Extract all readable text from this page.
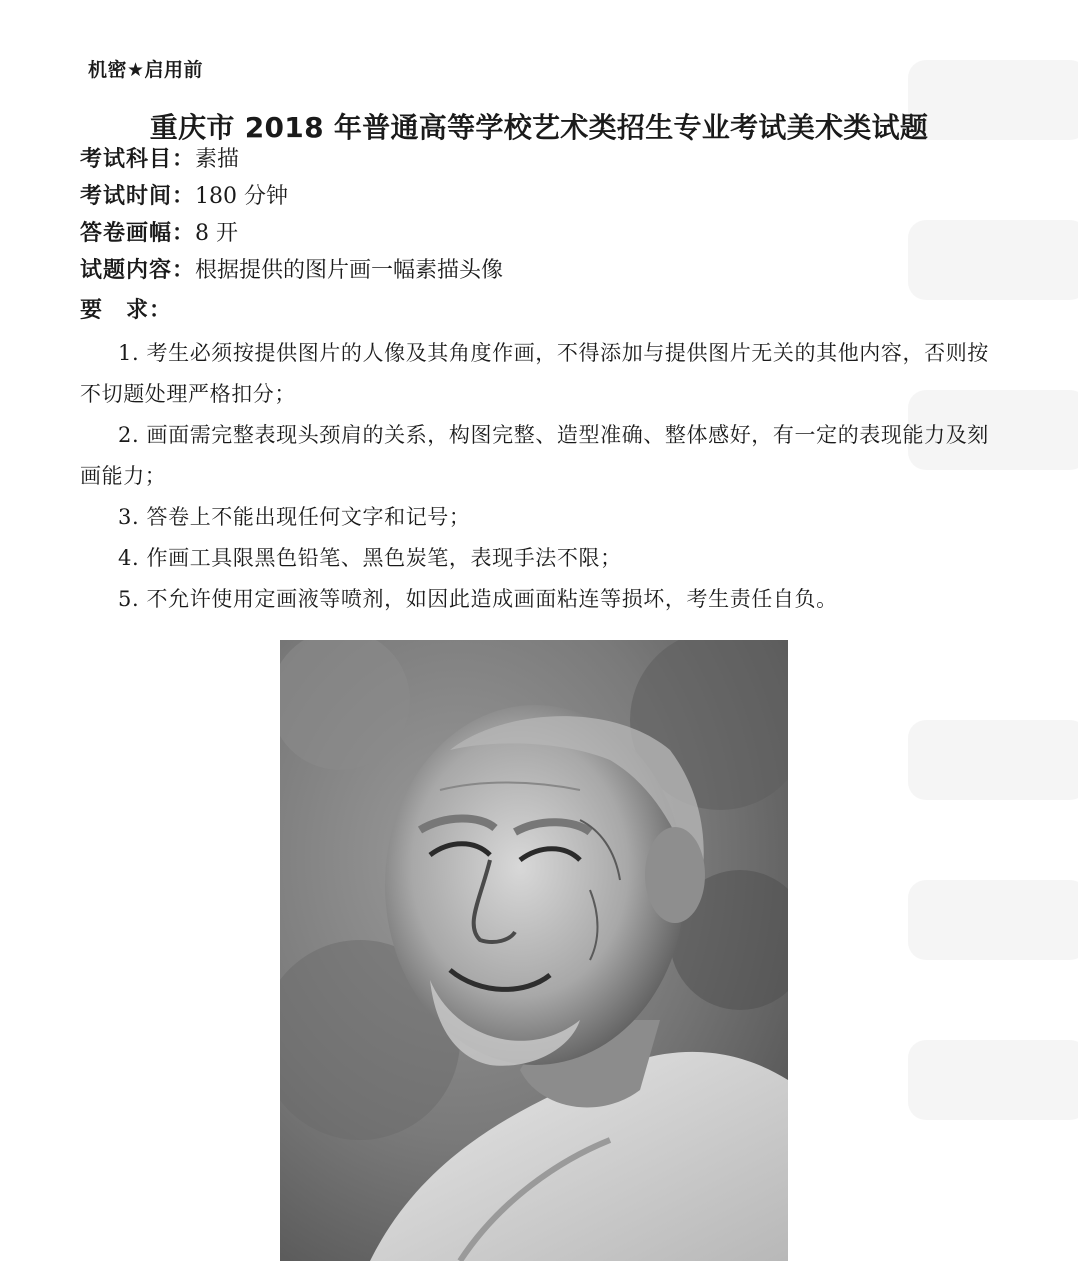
机密★启用前
重庆市 2018 年普通高等学校艺术类招生专业考试美术类试题
考试科目：素描
考试时间：180 分钟
答卷画幅：8 开
试题内容：根据提供的图片画一幅素描头像
要　求：
1. 考生必须按提供图片的人像及其角度作画，不得添加与提供图片无关的其他内容，否则按不切题处理严格扣分；
2. 画面需完整表现头颈肩的关系，构图完整、造型准确、整体感好，有一定的表现能力及刻画能力；
3. 答卷上不能出现任何文字和记号；
4. 作画工具限黑色铅笔、黑色炭笔，表现手法不限；
5. 不允许使用定画液等喷剂，如因此造成画面粘连等损坏，考生责任自负。
